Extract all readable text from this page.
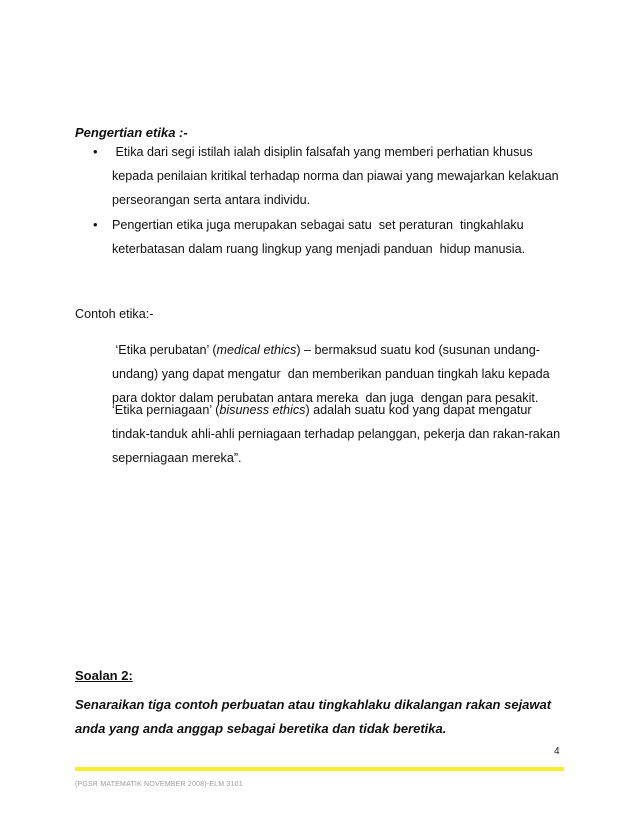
Pengertian etika :-
• Etika dari segi istilah ialah disiplin falsafah yang memberi perhatian khusus
kepada penilaian kritikal terhadap norma dan piawai yang mewajarkan kelakuan
perseorangan serta antara individu.
• Pengertian etika juga merupakan sebagai satu  set peraturan  tingkahlaku
keterbatasan dalam ruang lingkup yang menjadi panduan  hidup manusia.
Contoh etika:-
‘Etika perubatan’ (medical ethics) – bermaksud suatu kod (susunan undang-
undang) yang dapat mengatur  dan memberikan panduan tingkah laku kepada
para doktor dalam perubatan antara mereka  dan juga  dengan para pesakit.
‘Etika perniagaan’ (bisuness ethics) adalah suatu kod yang dapat mengatur
tindak-tanduk ahli-ahli perniagaan terhadap pelanggan, pekerja dan rakan-rakan
seperniagaan mereka”.
Soalan 2:
Senaraikan tiga contoh perbuatan atau tingkahlaku dikalangan rakan sejawat
anda yang anda anggap sebagai beretika dan tidak beretika.
4
(PGSR MATEMATIK NOVEMBER 2008)-ELM 3101
